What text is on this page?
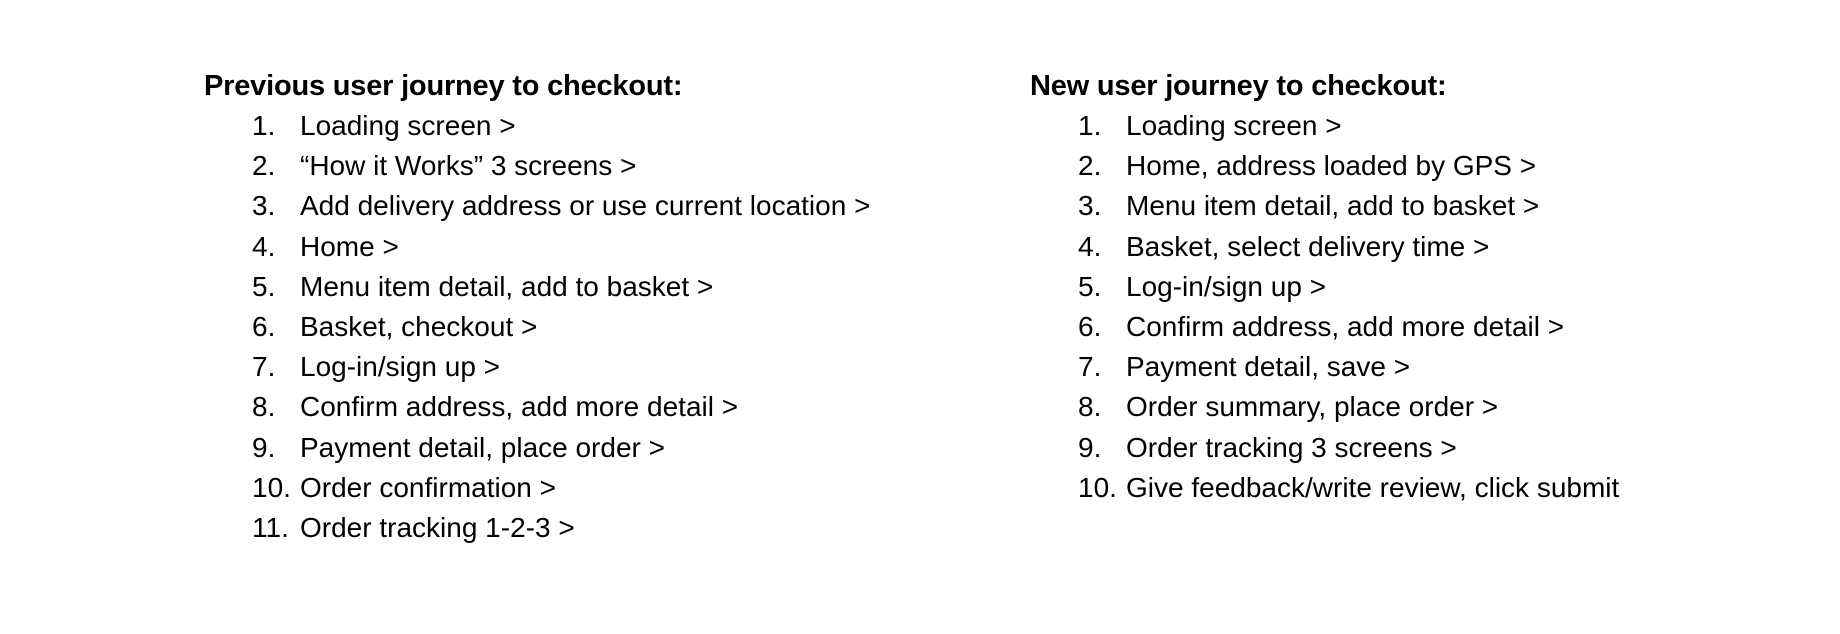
Previous user journey to checkout:
1. Loading screen >
2. “How it Works” 3 screens >
3. Add delivery address or use current location >
4. Home >
5. Menu item detail, add to basket >
6. Basket, checkout >
7. Log-in/sign up >
8. Confirm address, add more detail >
9. Payment detail, place order >
10. Order confirmation >
11. Order tracking 1-2-3 >
New user journey to checkout:
1. Loading screen >
2. Home, address loaded by GPS >
3. Menu item detail, add to basket >
4. Basket, select delivery time >
5. Log-in/sign up >
6. Confirm address, add more detail >
7. Payment detail, save >
8. Order summary, place order >
9. Order tracking 3 screens >
10. Give feedback/write review, click submit
